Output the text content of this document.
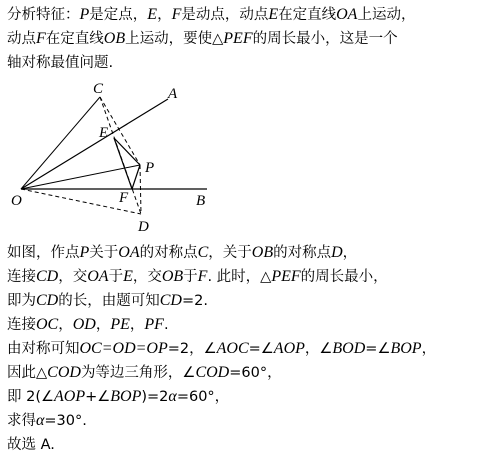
分析特征：P是定点，E，F是动点，动点E在定直线OA上运动，
动点F在定直线OB上运动，要使△PEF的周长最小，这是一个
轴对称最值问题.
A
B
C
D
E
F
O
P
如图，作点P关于OA的对称点C，关于OB的对称点D，
连接CD，交OA于E，交OB于F. 此时，△PEF的周长最小，
即为CD的长，由题可知CD=2.
连接OC，OD，PE，PF.
由对称可知OC=OD=OP=2，∠AOC=∠AOP，∠BOD=∠BOP，
因此△COD为等边三角形，∠COD=60°，
即 2(∠AOP+∠BOP)=2α=60°，
求得α=30°.
故选 A.
